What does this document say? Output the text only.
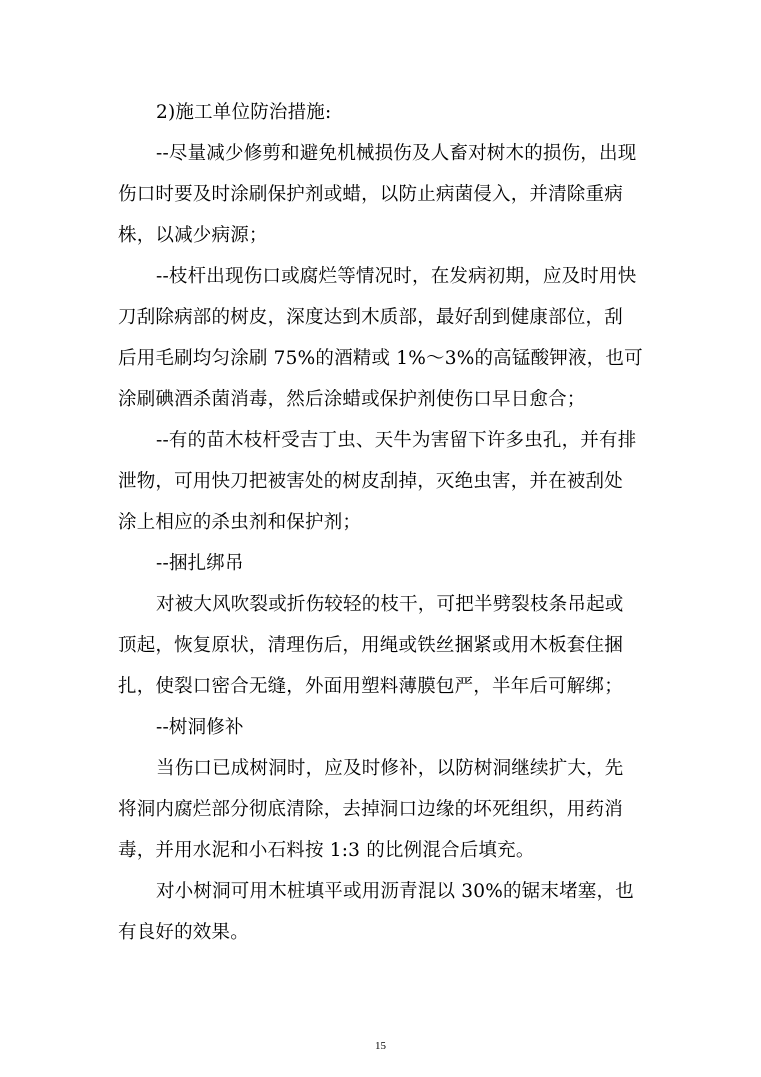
2)施工单位防治措施:
--尽量减少修剪和避免机械损伤及人畜对树木的损伤，出现
伤口时要及时涂刷保护剂或蜡，以防止病菌侵入，并清除重病
株，以减少病源；
--枝杆出现伤口或腐烂等情况时，在发病初期，应及时用快
刀刮除病部的树皮，深度达到木质部，最好刮到健康部位，刮
后用毛刷均匀涂刷 75%的酒精或 1%～3%的高锰酸钾液，也可
涂刷碘酒杀菌消毒，然后涂蜡或保护剂使伤口早日愈合；
--有的苗木枝杆受吉丁虫、天牛为害留下许多虫孔，并有排
泄物，可用快刀把被害处的树皮刮掉，灭绝虫害，并在被刮处
涂上相应的杀虫剂和保护剂；
--捆扎绑吊
对被大风吹裂或折伤较轻的枝干，可把半劈裂枝条吊起或
顶起，恢复原状，清理伤后，用绳或铁丝捆紧或用木板套住捆
扎，使裂口密合无缝，外面用塑料薄膜包严，半年后可解绑；
--树洞修补
当伤口已成树洞时，应及时修补，以防树洞继续扩大，先
将洞内腐烂部分彻底清除，去掉洞口边缘的坏死组织，用药消
毒，并用水泥和小石料按 1:3 的比例混合后填充。
对小树洞可用木桩填平或用沥青混以 30%的锯末堵塞，也
有良好的效果。
15
